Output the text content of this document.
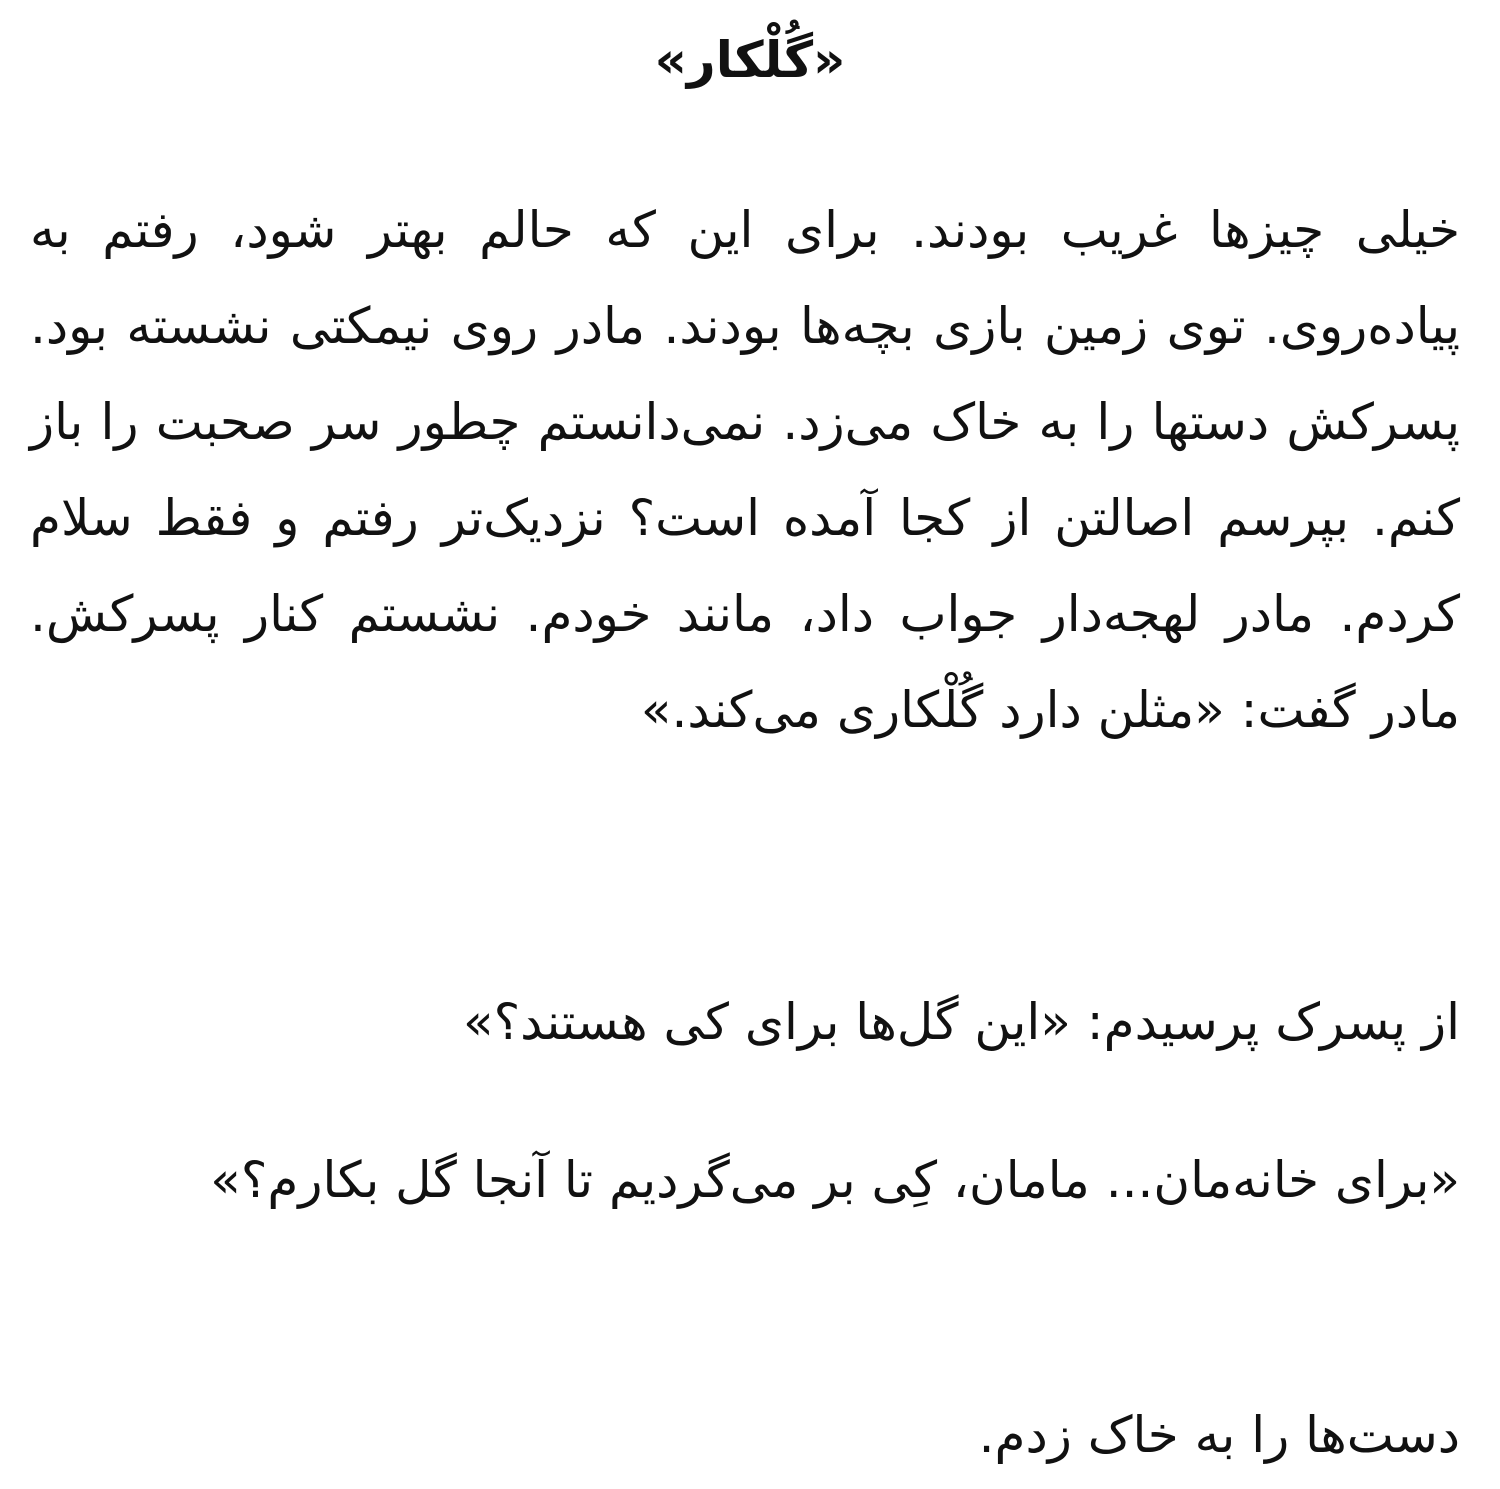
«گُلْکار»

خیلی چیزها غریب بودند. برای این که حالم بهتر شود، رفتم به پیاده‌روی. توی زمین بازی بچه‌ها بودند. مادر روی نیمکتی نشسته بود. پسرکش دستها را به خاک می‌زد. نمی‌دانستم چطور سر صحبت را باز کنم. بپرسم اصالتن از کجا آمده است؟ نزدیک‌تر رفتم و فقط سلام کردم. مادر لهجه‌دار جواب داد، مانند خودم. نشستم کنار پسرکش. مادر گفت: «مثلن دارد گُلْکاری می‌کند.»

از پسرک پرسیدم: «این گل‌ها برای کی هستند؟»

«برای خانه‌مان... مامان، کِی بر می‌گردیم تا آنجا گل بکارم؟»

دست‌ها را به خاک زدم.
